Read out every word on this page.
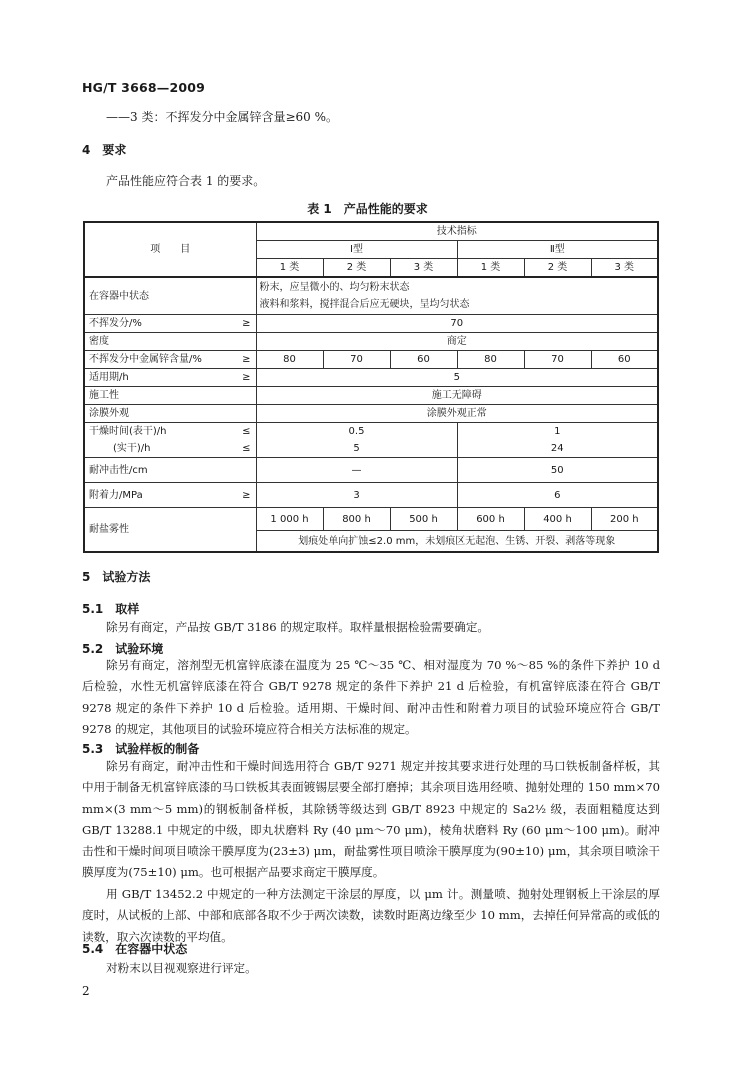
HG/T 3668—2009
——3 类：不挥发分中金属锌含量≥60 %。
4　要求
产品性能应符合表 1 的要求。
表 1　产品性能的要求
项　　目	技术指标					
	Ⅰ型			Ⅱ型		
	1 类	2 类	3 类	1 类	2 类	3 类
在容器中状态	粉末，应呈微小的、均匀粉末状态
液料和浆料，搅拌混合后应无硬块，呈均匀状态					

不挥发分/% ≥	70					
密度	商定					
不挥发分中金属锌含量/% ≥	80	70	60	80	70	60
适用期/h ≥	5					
施工性	施工无障碍					
涂膜外观	涂膜外观正常					
干燥时间(表干)/h ≤	0.5			1		
(实干)/h ≤	5			24		
耐冲击性/cm	—			50		
附着力/MPa ≥	3			6		
耐盐雾性	1 000 h	800 h	500 h	600 h	400 h	200 h
	划痕处单向扩蚀≤2.0 mm，未划痕区无起泡、生锈、开裂、剥落等现象					
5　试验方法
5.1　取样
除另有商定，产品按 GB/T 3186 的规定取样。取样量根据检验需要确定。
5.2　试验环境
除另有商定，溶剂型无机富锌底漆在温度为 25 ℃～35 ℃、相对湿度为 70 %～85 %的条件下养护 10 d 后检验，水性无机富锌底漆在符合 GB/T 9278 规定的条件下养护 21 d 后检验，有机富锌底漆在符合 GB/T 9278 规定的条件下养护 10 d 后检验。适用期、干燥时间、耐冲击性和附着力项目的试验环境应符合 GB/T 9278 的规定，其他项目的试验环境应符合相关方法标准的规定。
5.3　试验样板的制备
除另有商定，耐冲击性和干燥时间选用符合 GB/T 9271 规定并按其要求进行处理的马口铁板制备样板，其中用于制备无机富锌底漆的马口铁板其表面镀锡层要全部打磨掉；其余项目选用经喷、抛射处理的 150 mm×70 mm×(3 mm～5 mm)的钢板制备样板，其除锈等级达到 GB/T 8923 中规定的 Sa2½ 级，表面粗糙度达到 GB/T 13288.1 中规定的中级，即丸状磨料 Ry (40 μm～70 μm)，棱角状磨料 Ry (60 μm～100 μm)。耐冲击性和干燥时间项目喷涂干膜厚度为(23±3) μm，耐盐雾性项目喷涂干膜厚度为(90±10) μm，其余项目喷涂干膜厚度为(75±10) μm。也可根据产品要求商定干膜厚度。
用 GB/T 13452.2 中规定的一种方法测定干涂层的厚度，以 μm 计。测量喷、抛射处理钢板上干涂层的厚度时，从试板的上部、中部和底部各取不少于两次读数，读数时距离边缘至少 10 mm，去掉任何异常高的或低的读数，取六次读数的平均值。
5.4　在容器中状态
对粉末以目视观察进行评定。
2
